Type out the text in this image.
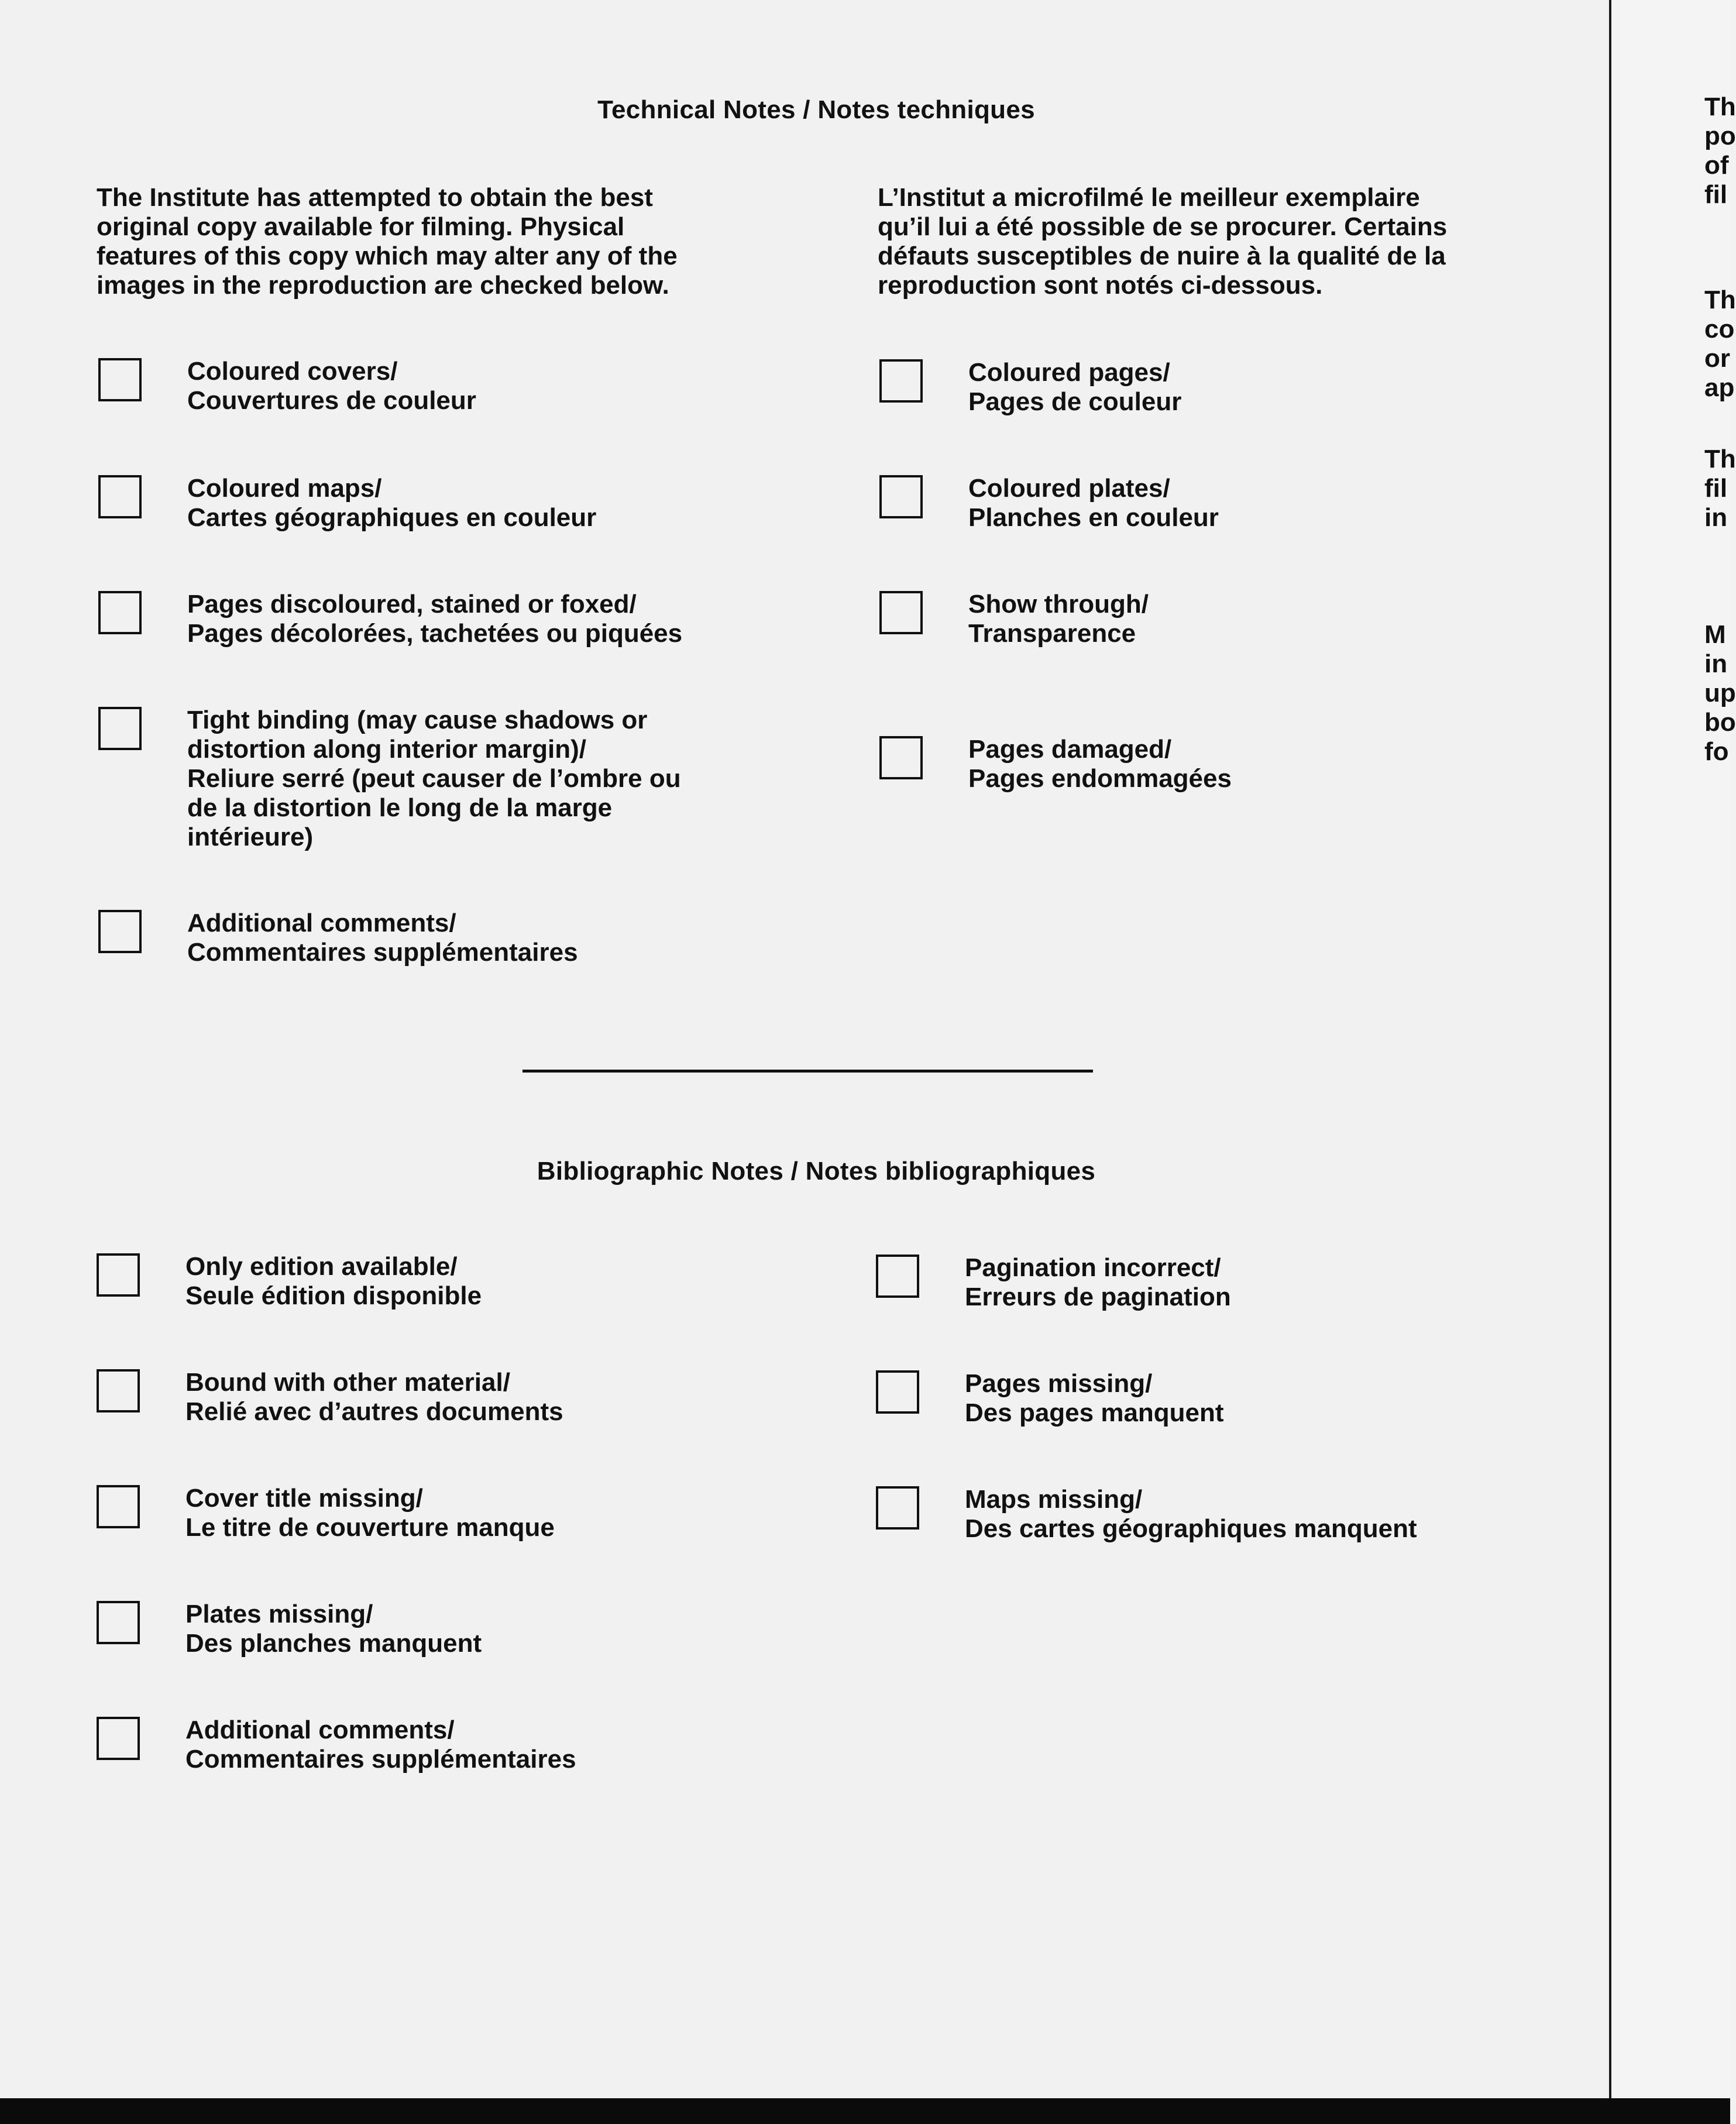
Technical Notes / Notes techniques
The Institute has attempted to obtain the best
original copy available for filming. Physical
features of this copy which may alter any of the
images in the reproduction are checked below.
L’Institut a microfilmé le meilleur exemplaire
qu’il lui a été possible de se procurer. Certains
défauts susceptibles de nuire à la qualité de la
reproduction sont notés ci-dessous.
Coloured covers/
Couvertures de couleur
Coloured maps/
Cartes géographiques en couleur
Pages discoloured, stained or foxed/
Pages décolorées, tachetées ou piquées
Tight binding (may cause shadows or
distortion along interior margin)/
Reliure serré (peut causer de l’ombre ou
de la distortion le long de la marge
intérieure)
Additional comments/
Commentaires supplémentaires
Coloured pages/
Pages de couleur
Coloured plates/
Planches en couleur
Show through/
Transparence
Pages damaged/
Pages endommagées
Bibliographic Notes / Notes bibliographiques
Only edition available/
Seule édition disponible
Bound with other material/
Relié avec d’autres documents
Cover title missing/
Le titre de couverture manque
Plates missing/
Des planches manquent
Additional comments/
Commentaires supplémentaires
Pagination incorrect/
Erreurs de pagination
Pages missing/
Des pages manquent
Maps missing/
Des cartes géographiques manquent
Th
po
of
fil
Th
co
or
ap
Th
fil
in
M
in
up
bo
fo
